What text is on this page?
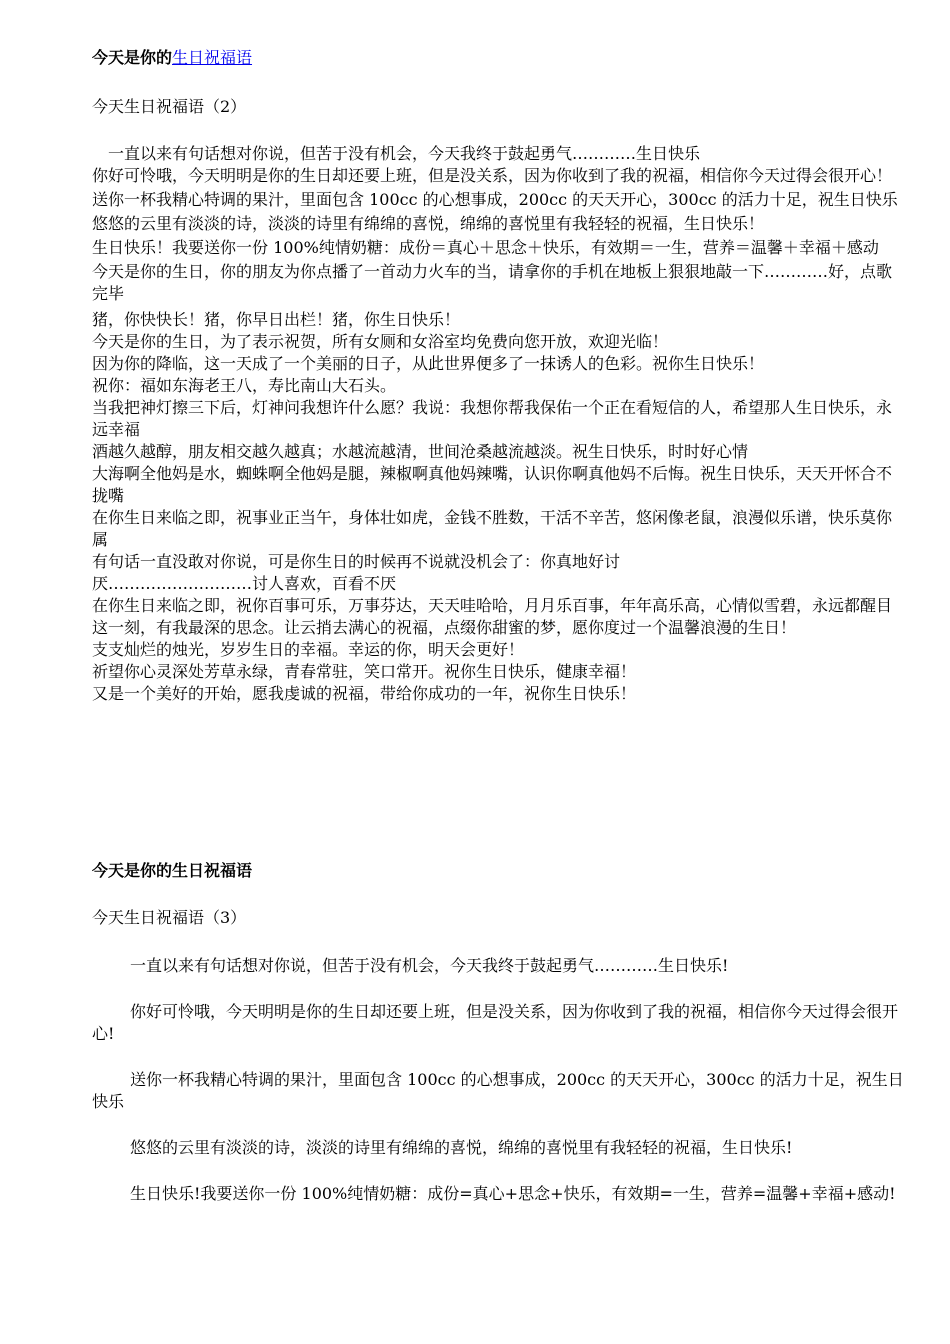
今天是你的生日祝福语
今天生日祝福语（2）

　一直以来有句话想对你说，但苦于没有机会，今天我终于鼓起勇气…………生日快乐

你好可怜哦，今天明明是你的生日却还要上班，但是没关系，因为你收到了我的祝福，相信你今天过得会很开心！

送你一杯我精心特调的果汁，里面包含 100cc 的心想事成，200cc 的天天开心，300cc 的活力十足，祝生日快乐

悠悠的云里有淡淡的诗，淡淡的诗里有绵绵的喜悦，绵绵的喜悦里有我轻轻的祝福，生日快乐！

生日快乐！我要送你一份 100%纯情奶糖：成份＝真心＋思念＋快乐，有效期＝一生，营养＝温馨＋幸福＋感动

今天是你的生日，你的朋友为你点播了一首动力火车的当，请拿你的手机在地板上狠狠地敲一下…………好，点歌完毕

猪，你快快长！猪，你早日出栏！猪，你生日快乐！

今天是你的生日，为了表示祝贺，所有女厕和女浴室均免费向您开放，欢迎光临！

因为你的降临，这一天成了一个美丽的日子，从此世界便多了一抹诱人的色彩。祝你生日快乐！

祝你：福如东海老王八，寿比南山大石头。

当我把神灯擦三下后，灯神问我想许什么愿？我说：我想你帮我保佑一个正在看短信的人，希望那人生日快乐，永远幸福

酒越久越醇，朋友相交越久越真；水越流越清，世间沧桑越流越淡。祝生日快乐，时时好心情

大海啊全他妈是水，蜘蛛啊全他妈是腿，辣椒啊真他妈辣嘴，认识你啊真他妈不后悔。祝生日快乐，天天开怀合不拢嘴

在你生日来临之即，祝事业正当午，身体壮如虎，金钱不胜数，干活不辛苦，悠闲像老鼠，浪漫似乐谱，快乐莫你属

有句话一直没敢对你说，可是你生日的时候再不说就没机会了：你真地好讨

厌………………………讨人喜欢，百看不厌

在你生日来临之即，祝你百事可乐，万事芬达，天天哇哈哈，月月乐百事，年年高乐高，心情似雪碧，永远都醒目

这一刻，有我最深的思念。让云捎去满心的祝福，点缀你甜蜜的梦，愿你度过一个温馨浪漫的生日！

支支灿烂的烛光，岁岁生日的幸福。幸运的你，明天会更好！

祈望你心灵深处芳草永绿，青春常驻，笑口常开。祝你生日快乐，健康幸福！

又是一个美好的开始，愿我虔诚的祝福，带给你成功的一年，祝你生日快乐！

今天是你的生日祝福语
今天生日祝福语（3）

一直以来有句话想对你说，但苦于没有机会，今天我终于鼓起勇气…………生日快乐!

你好可怜哦，今天明明是你的生日却还要上班，但是没关系，因为你收到了我的祝福，相信你今天过得会很开心!

送你一杯我精心特调的果汁，里面包含 100cc 的心想事成，200cc 的天天开心，300cc 的活力十足，祝生日快乐

悠悠的云里有淡淡的诗，淡淡的诗里有绵绵的喜悦，绵绵的喜悦里有我轻轻的祝福，生日快乐!

生日快乐!我要送你一份 100%纯情奶糖：成份=真心+思念+快乐，有效期=一生，营养=温馨+幸福+感动!
